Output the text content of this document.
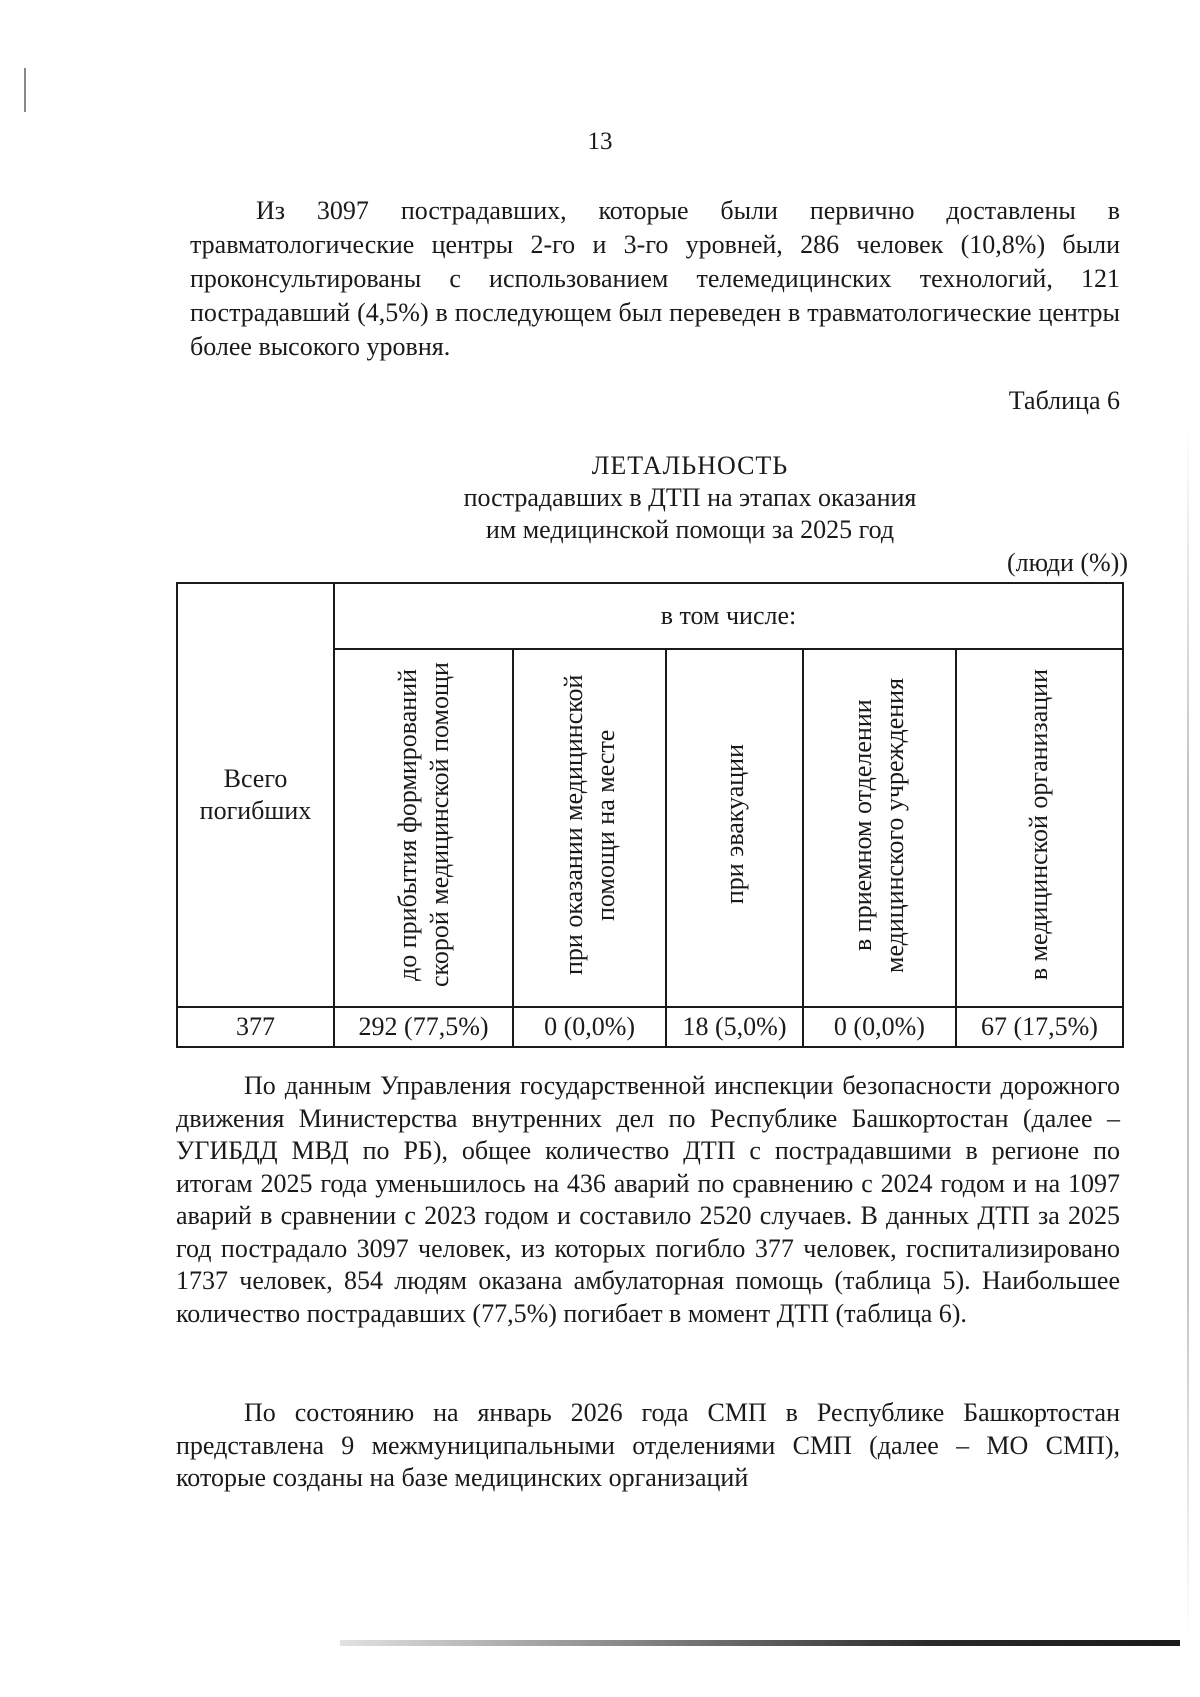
13

Из 3097 пострадавших, которые были первично доставлены в травматологические центры 2-го и 3-го уровней, 286 человек (10,8%) были проконсультированы с использованием телемедицинских технологий, 121 пострадавший (4,5%) в последующем был переведен в травматологические центры более высокого уровня.

Таблица 6
ЛЕТАЛЬНОСТЬ
пострадавших в ДТП на этапах оказания
им медицинской помощи за 2025 год
(люди (%))
Всего погибших	в том числе:				
	до прибытия формирований скорой медицинской помощи	при оказании медицинской помощи на месте	при эвакуации	в приемном отделении медицинского учреждения	в медицинской организации
377	292 (77,5%)	0 (0,0%)	18 (5,0%)	0 (0,0%)	67 (17,5%)

По данным Управления государственной инспекции безопасности дорожного движения Министерства внутренних дел по Республике Башкортостан (далее – УГИБДД МВД по РБ), общее количество ДТП с пострадавшими в регионе по итогам 2025 года уменьшилось на 436 аварий по сравнению с 2024 годом и на 1097 аварий в сравнении с 2023 годом и составило 2520 случаев. В данных ДТП за 2025 год пострадало 3097 человек, из которых погибло 377 человек, госпитализировано 1737 человек, 854 людям оказана амбулаторная помощь (таблица 5). Наибольшее количество пострадавших (77,5%) погибает в момент ДТП (таблица 6).

По состоянию на январь 2026 года СМП в Республике Башкортостан представлена 9 межмуниципальными отделениями СМП (далее – МО СМП), которые созданы на базе медицинских организаций
